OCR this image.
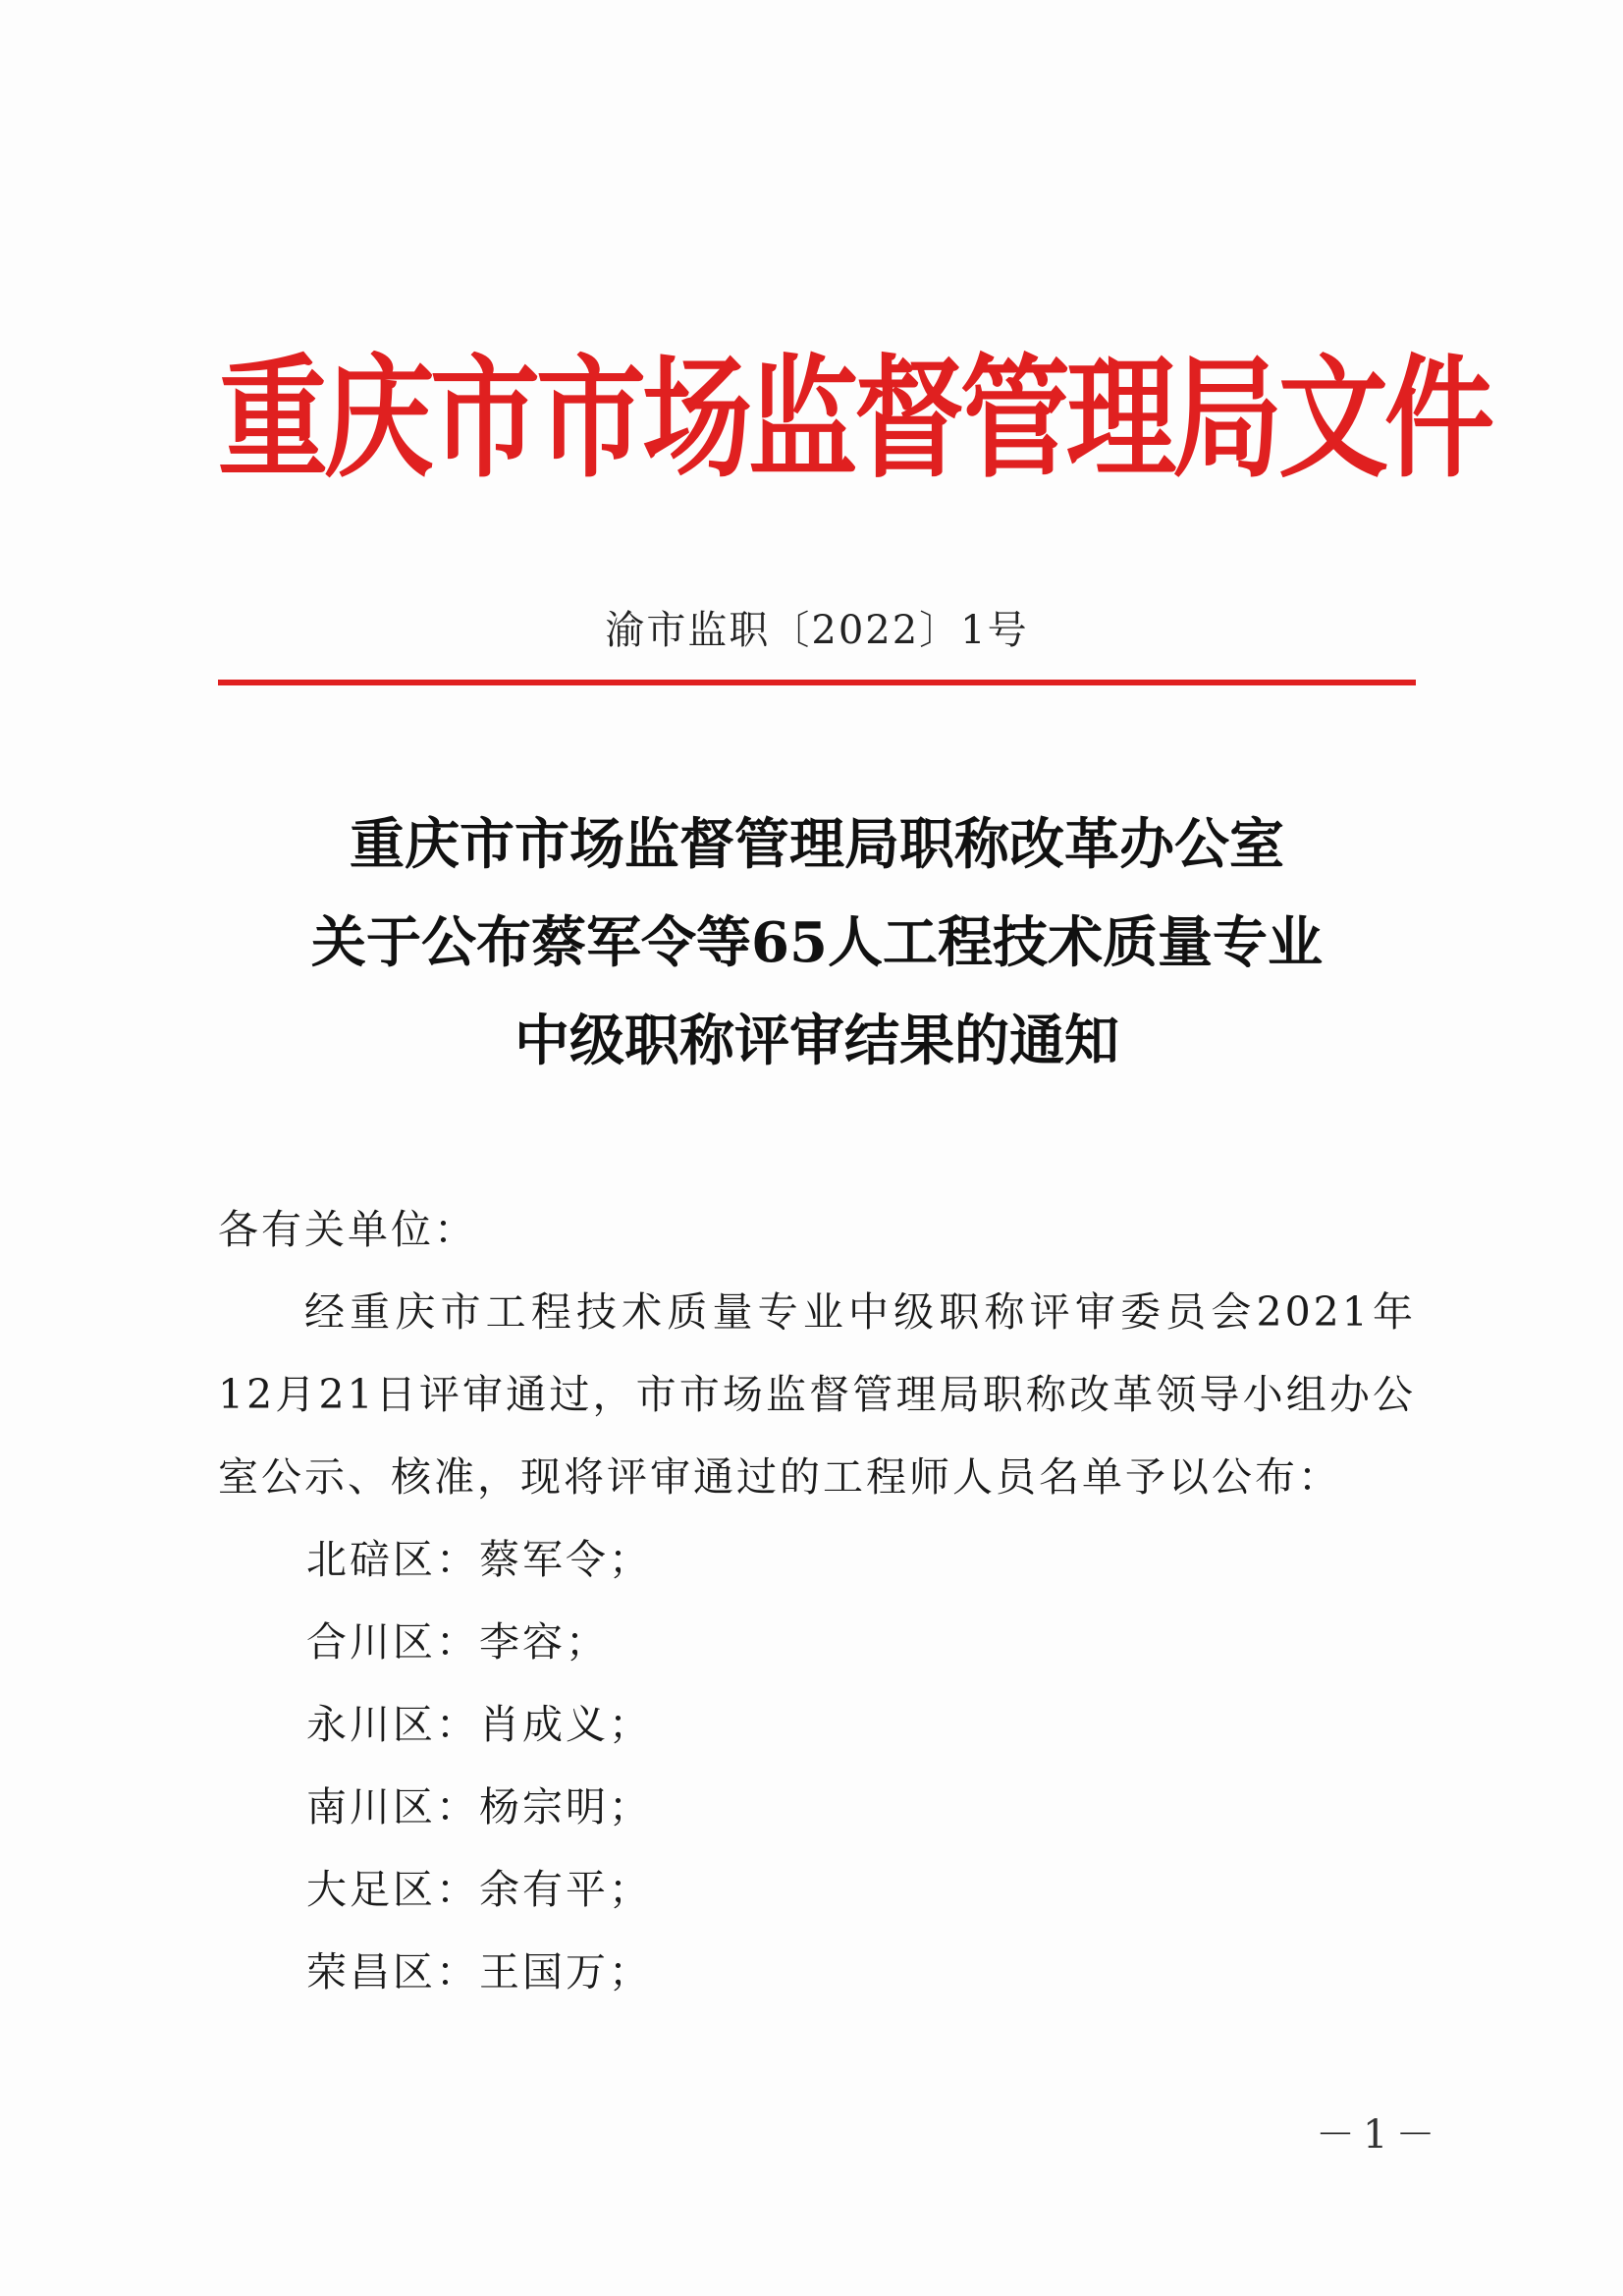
重庆市市场监督管理局文件
渝市监职〔2022〕1号
重庆市市场监督管理局职称改革办公室
关于公布蔡军令等65人工程技术质量专业
中级职称评审结果的通知

各有关单位：

经重庆市工程技术质量专业中级职称评审委员会2021年12月21日评审通过，市市场监督管理局职称改革领导小组办公室公示、核准，现将评审通过的工程师人员名单予以公布：

北碚区：蔡军令；

合川区：李容；

永川区：肖成义；

南川区：杨宗明；

大足区：余有平；

荣昌区：王国万；

－1－
